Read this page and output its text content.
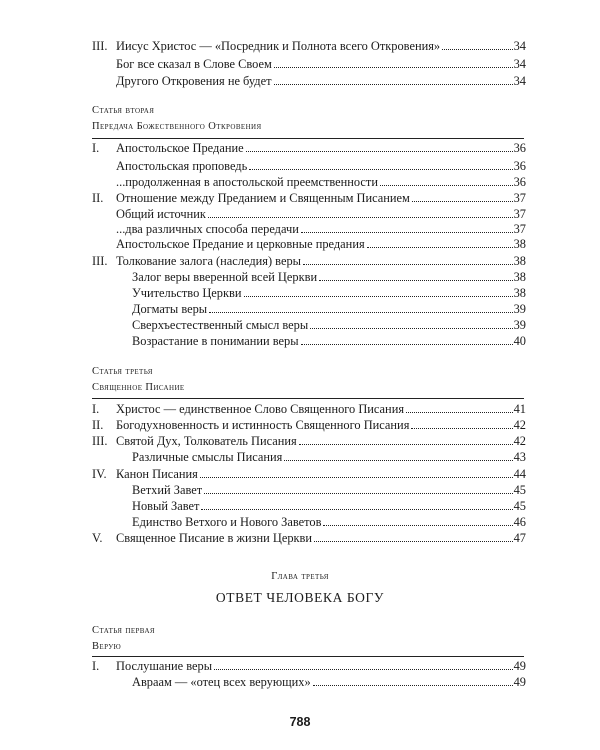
III. Иисус Христос — «Посредник и Полнота всего Откровения»	34
Бог все сказал в Слове Своем	34
Другого Откровения не будет	34
Статья вторая
Передача Божественного Откровения
I.	Апостольское Предание	36
Апостольская проповедь	36
...продолженная в апостольской преемственности	36
II.	Отношение между Преданием и Священным Писанием	37
Общий источник	37
...два различных способа передачи	37
Апостольское Предание и церковные предания	38
III. Толкование залога (наследия) веры	38
Залог веры вверенной всей Церкви	38
Учительство Церкви	38
Догматы веры	39
Сверхъестественный смысл веры	39
Возрастание в понимании веры	40
Статья третья
Священное Писание
I.	Христос — единственное Слово Священного Писания	41
II.	Богодухновенность и истинность Священного Писания	42
III. Святой Дух, Толкователь Писания	42
Различные смыслы Писания	43
IV. Канон Писания	44
Ветхий Завет	45
Новый Завет	45
Единство Ветхого и Нового Заветов	46
V.	Священное Писание в жизни Церкви	47
Глава третья
ОТВЕТ ЧЕЛОВЕКА БОГУ
Статья первая
Верую
I.	Послушание веры	49
Авраам — «отец всех верующих»	49
788
